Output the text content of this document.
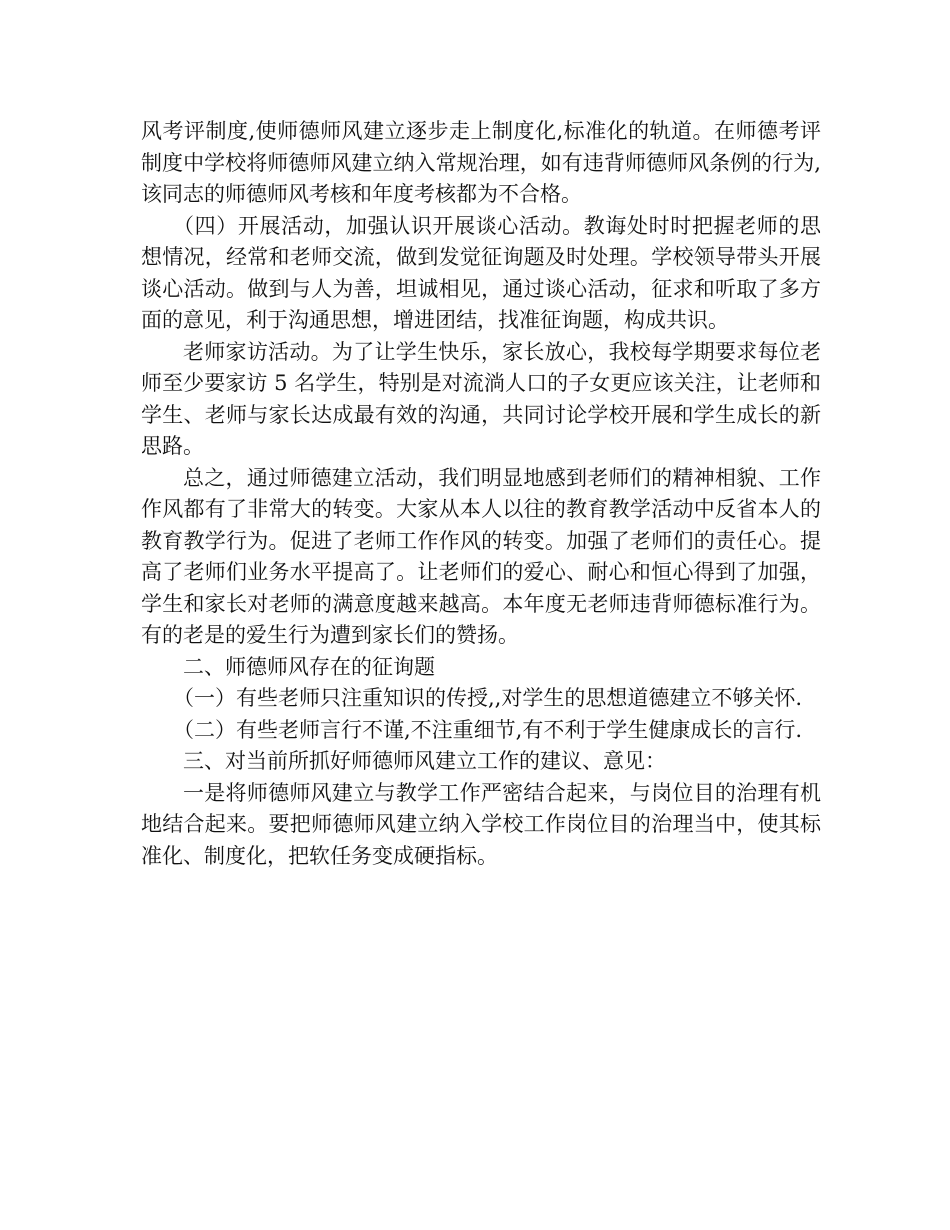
风考评制度,使师德师风建立逐步走上制度化,标准化的轨道。在师德考评制度中学校将师德师风建立纳入常规治理，如有违背师德师风条例的行为,该同志的师德师风考核和年度考核都为不合格。

（四）开展活动，加强认识开展谈心活动。教诲处时时把握老师的思想情况，经常和老师交流，做到发觉征询题及时处理。学校领导带头开展谈心活动。做到与人为善，坦诚相见，通过谈心活动，征求和听取了多方面的意见，利于沟通思想，增进团结，找准征询题，构成共识。

老师家访活动。为了让学生快乐，家长放心，我校每学期要求每位老师至少要家访 5 名学生，特别是对流淌人口的子女更应该关注，让老师和学生、老师与家长达成最有效的沟通，共同讨论学校开展和学生成长的新思路。

总之，通过师德建立活动，我们明显地感到老师们的精神相貌、工作作风都有了非常大的转变。大家从本人以往的教育教学活动中反省本人的教育教学行为。促进了老师工作作风的转变。加强了老师们的责任心。提高了老师们业务水平提高了。让老师们的爱心、耐心和恒心得到了加强，学生和家长对老师的满意度越来越高。本年度无老师违背师德标准行为。有的老是的爱生行为遭到家长们的赞扬。

二、师德师风存在的征询题

（一）有些老师只注重知识的传授,,对学生的思想道德建立不够关怀.

（二）有些老师言行不谨,不注重细节,有不利于学生健康成长的言行.

三、对当前所抓好师德师风建立工作的建议、意见：

一是将师德师风建立与教学工作严密结合起来，与岗位目的治理有机地结合起来。要把师德师风建立纳入学校工作岗位目的治理当中，使其标准化、制度化，把软任务变成硬指标。
